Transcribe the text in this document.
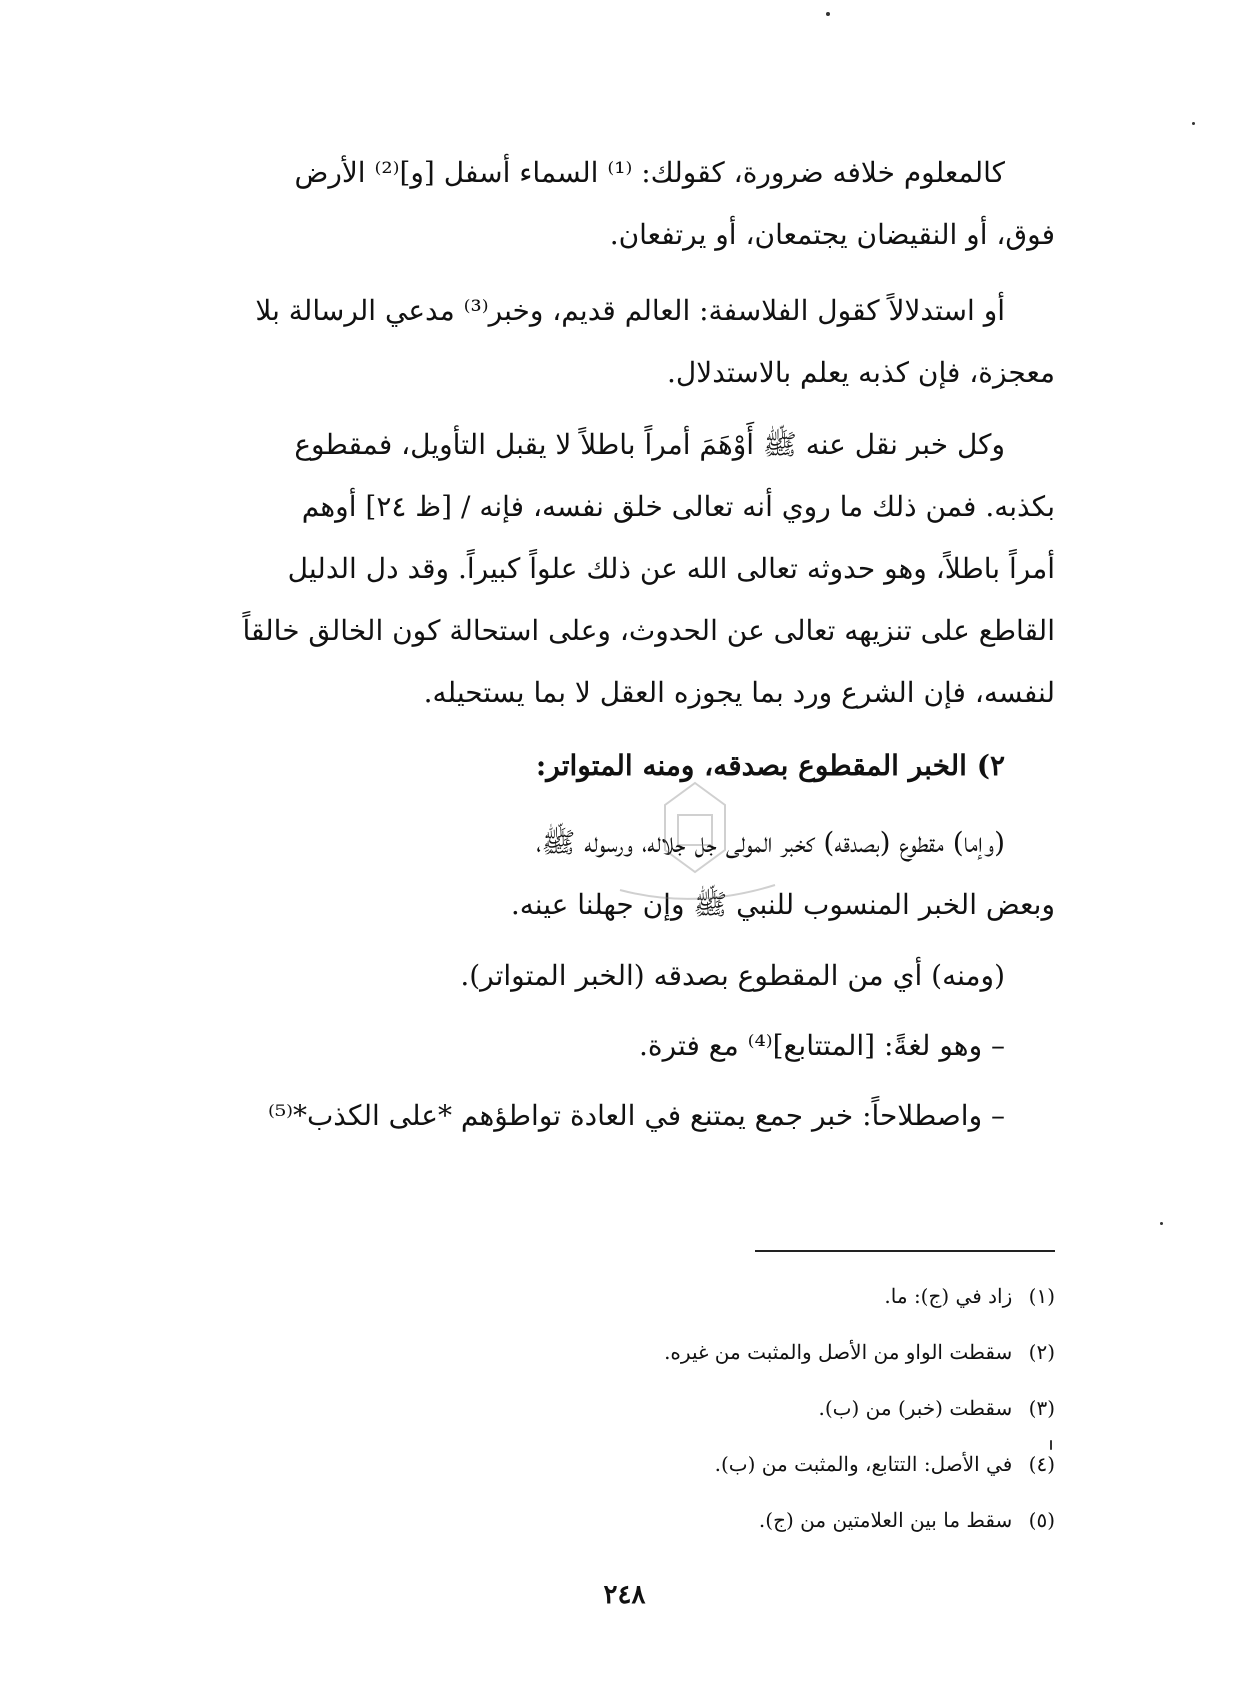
كالمعلوم خلافه ضرورة، كقولك: ⁽¹⁾ السماء أسفل [و]⁽²⁾ الأرض

فوق، أو النقيضان يجتمعان، أو يرتفعان.

أو استدلالاً كقول الفلاسفة: العالم قديم، وخبر⁽³⁾ مدعي الرسالة بلا

معجزة، فإن كذبه يعلم بالاستدلال.

وكل خبر نقل عنه ﷺ أَوْهَمَ أمراً باطلاً لا يقبل التأويل، فمقطوع

بكذبه. فمن ذلك ما روي أنه تعالى خلق نفسه، فإنه / [ظ ٢٤] أوهم

أمراً باطلاً، وهو حدوثه تعالى الله عن ذلك علواً كبيراً. وقد دل الدليل

القاطع على تنزيهه تعالى عن الحدوث، وعلى استحالة كون الخالق خالقاً

لنفسه، فإن الشرع ورد بما يجوزه العقل لا بما يستحيله.

٢) الخبر المقطوع بصدقه، ومنه المتواتر:

(وإما) مقطوع (بصدقه) كخبر المولى جل جلاله، ورسوله ﷺ،

وبعض الخبر المنسوب للنبي ﷺ وإن جهلنا عينه.

(ومنه) أي من المقطوع بصدقه (الخبر المتواتر).

– وهو لغةً: [المتتابع]⁽⁴⁾ مع فترة.

– واصطلاحاً: خبر جمع يمتنع في العادة تواطؤهم *على الكذب*⁽⁵⁾

(١) زاد في (ج): ما.

(٢) سقطت الواو من الأصل والمثبت من غيره.

(٣) سقطت (خبر) من (ب).

(٤) في الأصل: التتابع، والمثبت من (ب).

(٥) سقط ما بين العلامتين من (ج).

٢٤٨
